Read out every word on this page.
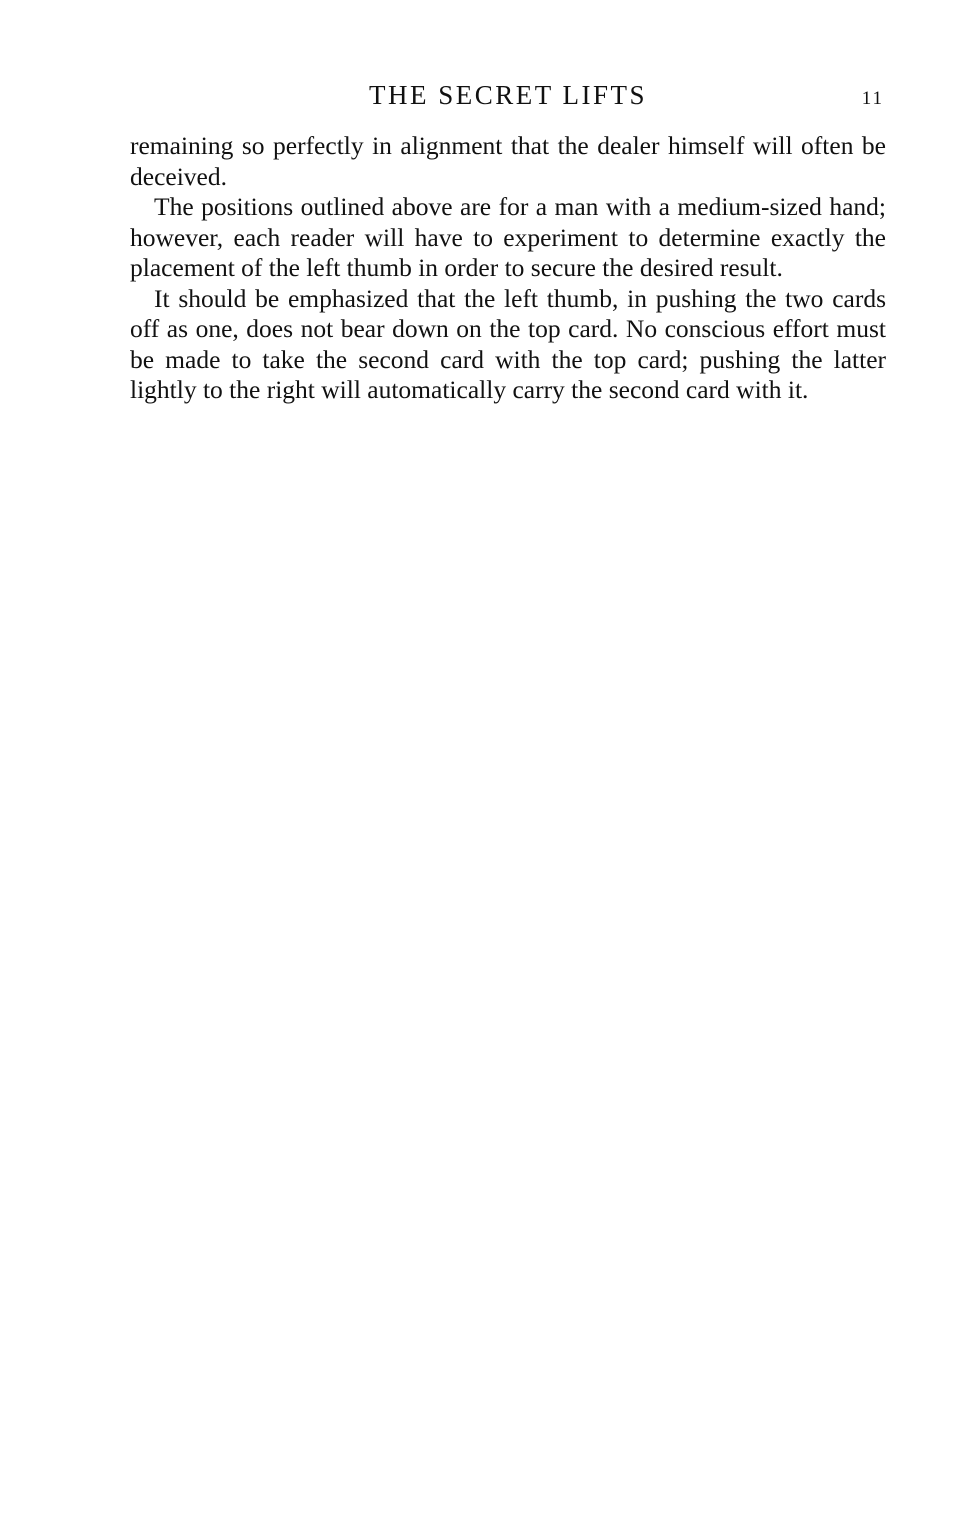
THE SECRET LIFTS	11

remaining so perfectly in alignment that the dealer himself will often be deceived.

The positions outlined above are for a man with a medium-sized hand; however, each reader will have to experiment to determine exactly the placement of the left thumb in order to secure the desired result.

It should be emphasized that the left thumb, in pushing the two cards off as one, does not bear down on the top card. No conscious effort must be made to take the second card with the top card; pushing the latter lightly to the right will automatically carry the second card with it.
